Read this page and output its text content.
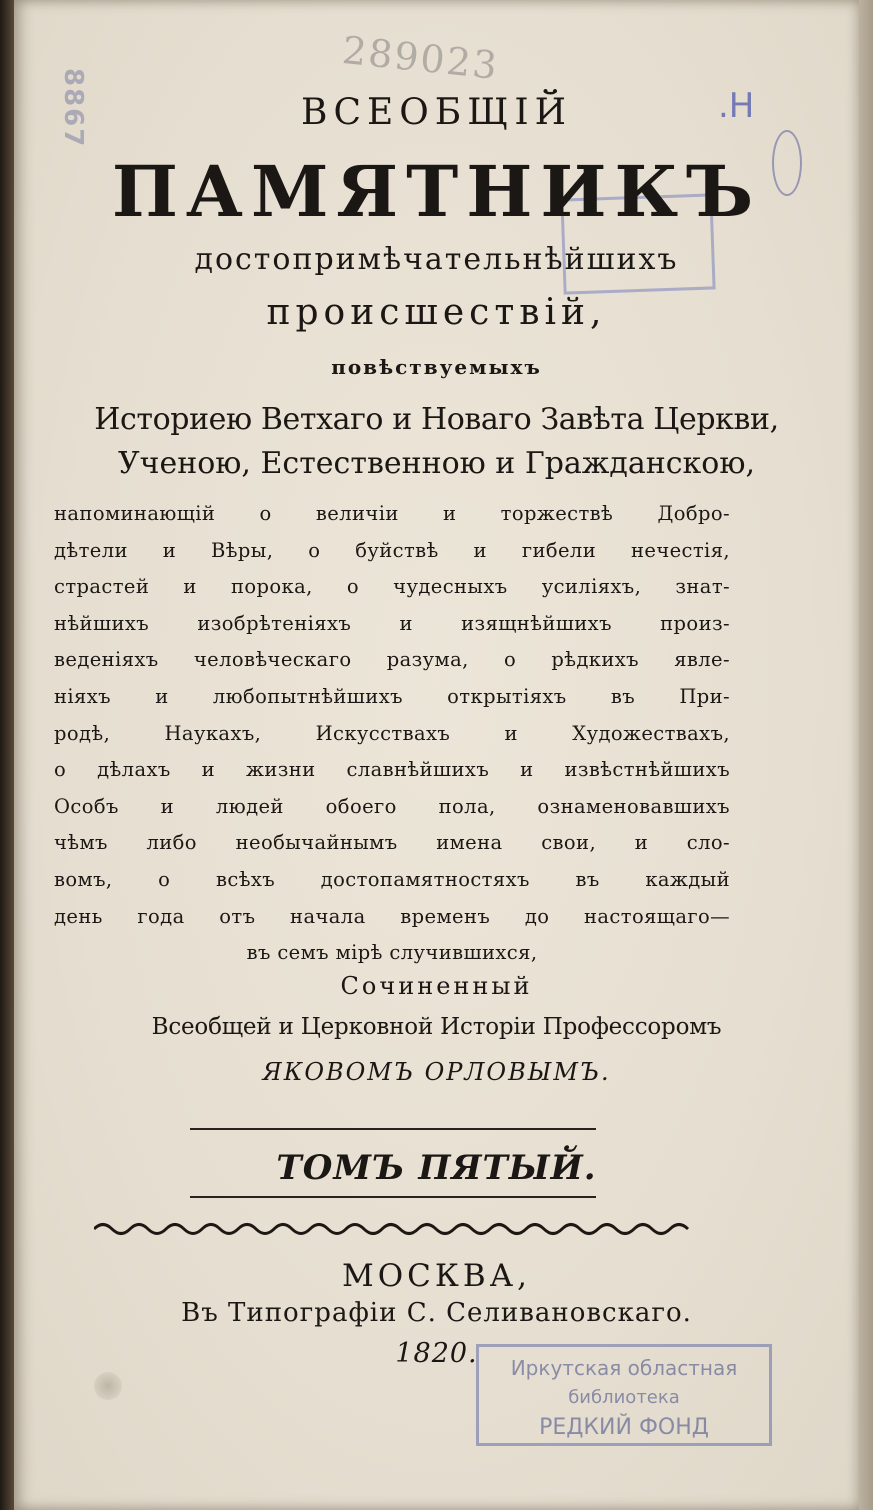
289023
8867	.Н
ВСЕОБЩІЙ
ПАМЯТНИКЪ
достопримѣчательнѣйшихъ
происшествій,
повѣствуемыхъ
Историею Ветхаго и Новаго Завѣта Церкви,
Ученою, Естественною и Гражданскою,
напоминающій о величіи и торжествѣ Добро-
дѣтели и Вѣры, о буйствѣ и гибели нечестія,
страстей и порока, о чудесныхъ усиліяхъ, знат-
нѣйшихъ изобрѣтеніяхъ и изящнѣйшихъ произ-
веденіяхъ человѣческаго разума, о рѣдкихъ явле-
ніяхъ и любопытнѣйшихъ открытіяхъ въ При-
родѣ, Наукахъ, Искусствахъ и Художествахъ,
о дѣлахъ и жизни славнѣйшихъ и извѣстнѣйшихъ
Особъ и людей обоего пола, ознаменовавшихъ
чѣмъ либо необычайнымъ имена свои, и сло-
вомъ, о всѣхъ достопамятностяхъ въ каждый
день года отъ начала временъ до настоящаго—
въ семъ мірѣ случившихся,
Сочиненный
Всеобщей и Церковной Исторіи Профессоромъ
ЯКОВОМЪ ОРЛОВЫМЪ.
ТОМЪ ПЯТЫЙ.
МОСКВА,
Въ Типографіи С. Селивановскаго.
1820.	Иркутская областная
библиотека
РЕДКИЙ ФОНД
